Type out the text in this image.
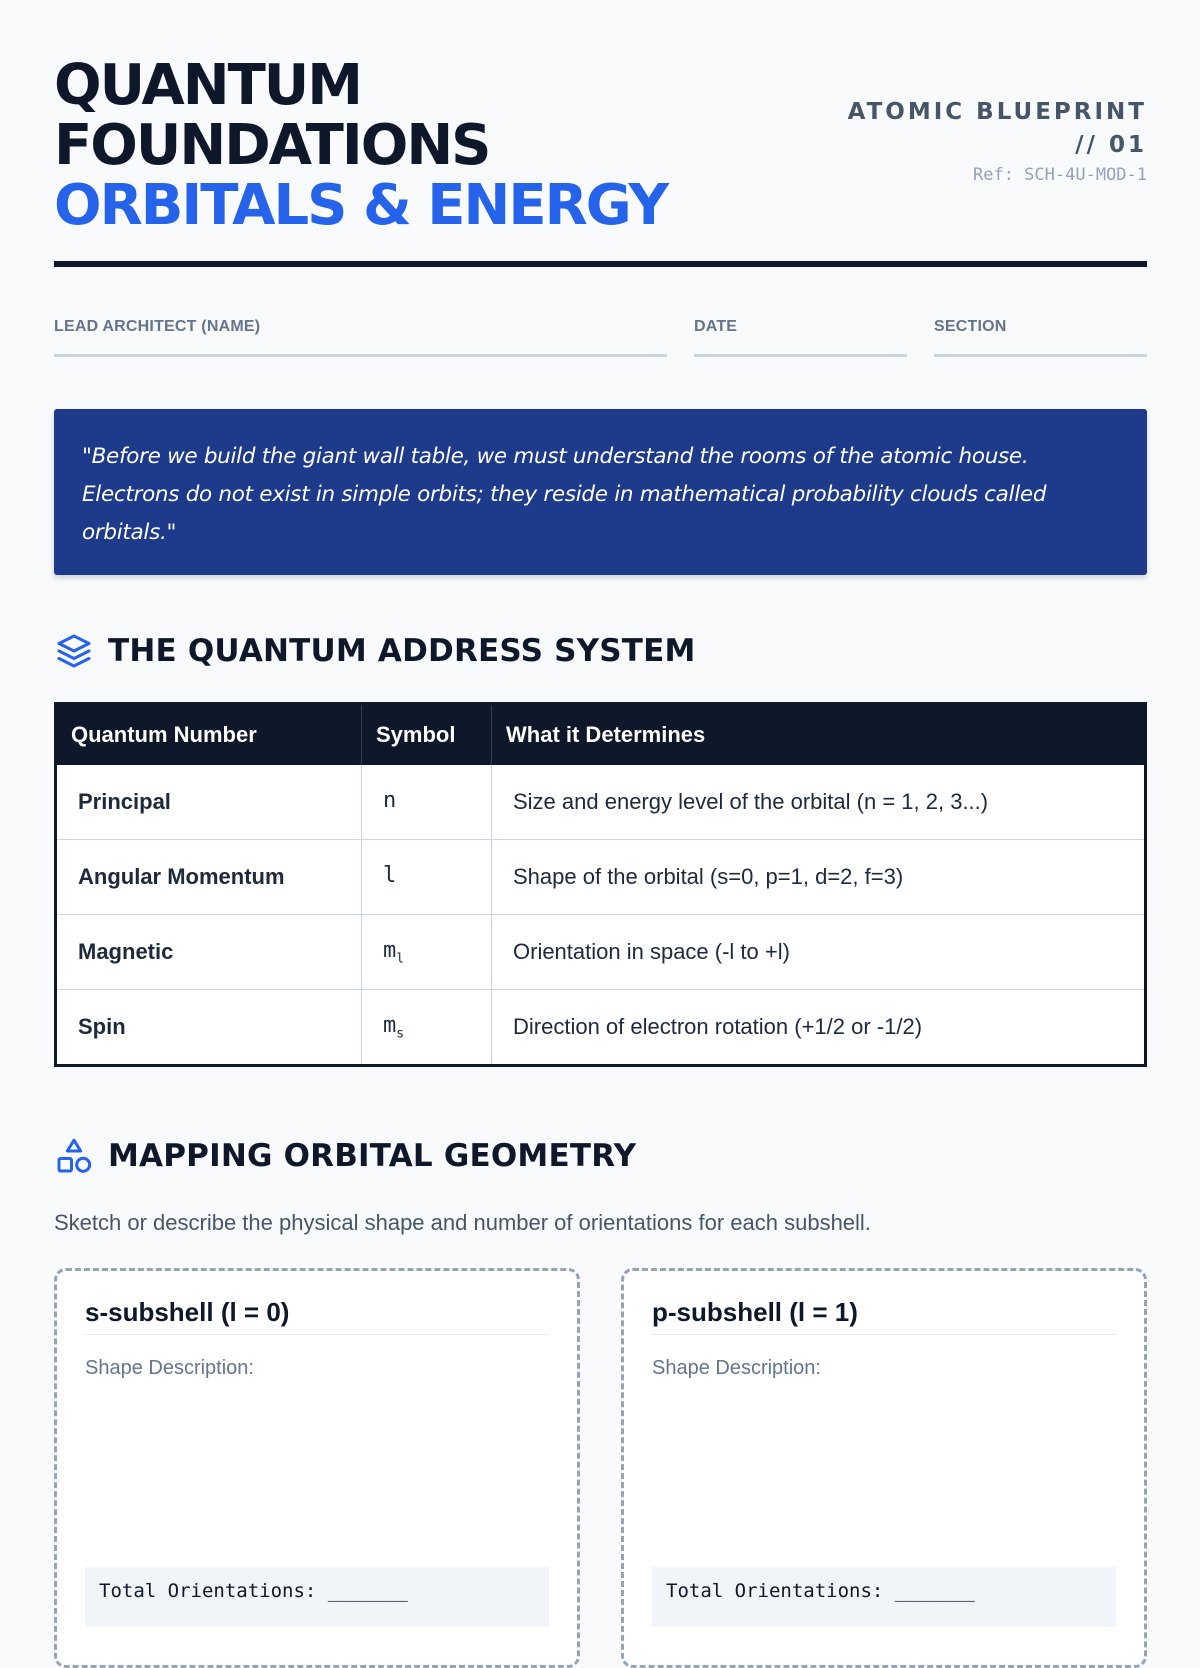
QUANTUM
FOUNDATIONS
ORBITALS & ENERGY
ATOMIC BLUEPRINT // 01
Ref: SCH-4U-MOD-1
LEAD ARCHITECT (NAME)	DATE	SECTION

"Before we build the giant wall table, we must understand the rooms of the atomic house. Electrons do not exist in simple orbits; they reside in mathematical probability clouds called orbitals."

THE QUANTUM ADDRESS SYSTEM
Quantum Number	Symbol	What it Determines
Principal	n	Size and energy level of the orbital (n = 1, 2, 3...)
Angular Momentum	l	Shape of the orbital (s=0, p=1, d=2, f=3)
Magnetic	$m_l$	Orientation in space (-l to +l)
Spin	$m_s$	Direction of electron rotation (+1/2 or -1/2)
MAPPING ORBITAL GEOMETRY
Sketch or describe the physical shape and number of orientations for each subshell.
s-subshell (l = 0)
Shape Description:
Total Orientations: _______
p-subshell (l = 1)
Shape Description:
Total Orientations: _______
